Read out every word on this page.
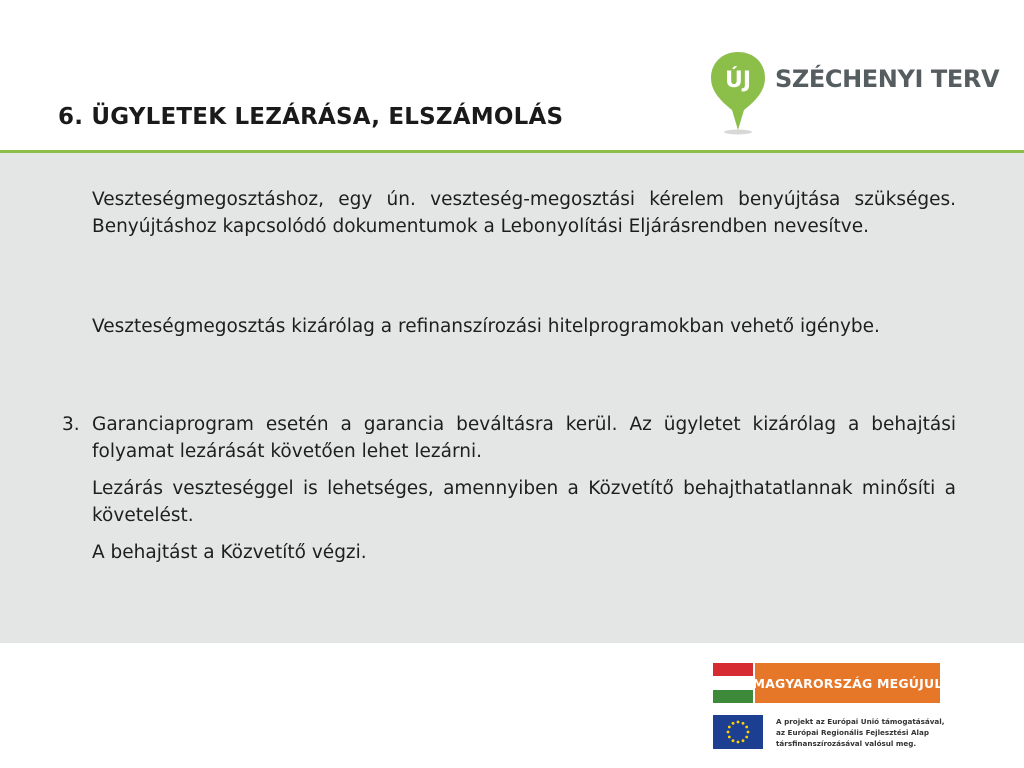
6. ÜGYLETEK LEZÁRÁSA, ELSZÁMOLÁS
ÚJ SZÉCHENYI TERV
Veszteségmegosztáshoz, egy ún. veszteség-megosztási kérelem benyújtása szükséges. Benyújtáshoz kapcsolódó dokumentumok a Lebonyolítási Eljárásrendben nevesítve.
Veszteségmegosztás kizárólag a refinanszírozási hitelprogramokban vehető igénybe.
3. Garanciaprogram esetén a garancia beváltásra kerül. Az ügyletet kizárólag a behajtási folyamat lezárását követően lehet lezárni.
Lezárás veszteséggel is lehetséges, amennyiben a Közvetítő behajthatatlannak minősíti a követelést.
A behajtást a Közvetítő végzi.
MAGYARORSZÁG MEGÚJUL
A projekt az Európai Unió támogatásával,
az Európai Regionális Fejlesztési Alap
társfinanszírozásával valósul meg.
